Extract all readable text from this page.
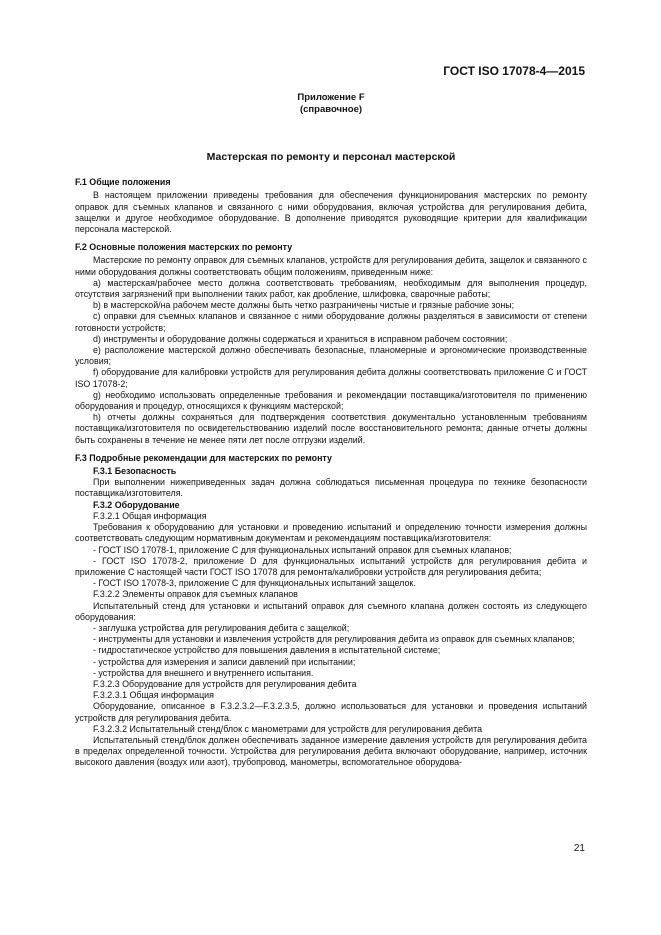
ГОСТ ISO 17078-4—2015
Приложение F
(справочное)
Мастерская по ремонту и персонал мастерской
F.1 Общие положения
В настоящем приложении приведены требования для обеспечения функционирования мастерских по ремонту оправок для съемных клапанов и связанного с ними оборудования, включая устройства для регулирования дебита, защелки и другое необходимое оборудование. В дополнение приводятся руководящие критерии для квалификации персонала мастерской.
F.2 Основные положения мастерских по ремонту
Мастерские по ремонту оправок для съемных клапанов, устройств для регулирования дебита, защелок и связанного с ними оборудования должны соответствовать общим положениям, приведенным ниже:
а) мастерская/рабочее место должна соответствовать требованиям, необходимым для выполнения процедур, отсутствия загрязнений при выполнении таких работ, как дробление, шлифовка, сварочные работы;
b) в мастерской/на рабочем месте должны быть четко разграничены чистые и грязные рабочие зоны;
c) оправки для съемных клапанов и связанное с ними оборудование должны разделяться в зависимости от степени готовности устройств;
d) инструменты и оборудование должны содержаться и храниться в исправном рабочем состоянии;
e) расположение мастерской должно обеспечивать безопасные, планомерные и эргономические производственные условия;
f) оборудование для калибровки устройств для регулирования дебита должны соответствовать приложение С и ГОСТ ISO 17078-2;
g) необходимо использовать определенные требования и рекомендации поставщика/изготовителя по применению оборудования и процедур, относящихся к функциям мастерской;
h) отчеты должны сохраняться для подтверждения соответствия документально установленным требованиям поставщика/изготовителя по освидетельствованию изделий после восстановительного ремонта; данные отчеты должны быть сохранены в течение не менее пяти лет после отгрузки изделий.
F.3 Подробные рекомендации для мастерских по ремонту
F.3.1 Безопасность
При выполнении нижеприведенных задач должна соблюдаться письменная процедура по технике безопасности поставщика/изготовителя.
F.3.2 Оборудование
F.3.2.1 Общая информация
Требования к оборудованию для установки и проведению испытаний и определению точности измерения должны соответствовать следующим нормативным документам и рекомендациям поставщика/изготовителя:
- ГОСТ ISO 17078-1, приложение С для функциональных испытаний оправок для съемных клапанов;
- ГОСТ ISO 17078-2, приложение D для функциональных испытаний устройств для регулирования дебита и приложение С настоящей части ГОСТ ISO 17078 для ремонта/калибровки устройств для регулирования дебита;
- ГОСТ ISO 17078-3, приложение С для функциональных испытаний защелок.
F.3.2.2 Элементы оправок для съемных клапанов
Испытательный стенд для установки и испытаний оправок для съемного клапана должен состоять из следующего оборудования:
- заглушка устройства для регулирования дебита с защелкой;
- инструменты для установки и извлечения устройств для регулирования дебита из оправок для съемных клапанов;
- гидростатическое устройство для повышения давления в испытательной системе;
- устройства для измерения и записи давлений при испытании;
- устройства для внешнего и внутреннего испытания.
F.3.2.3 Оборудование для устройств для регулирования дебита
F.3.2.3.1 Общая информация
Оборудование, описанное в F.3.2.3.2—F.3.2.3.5, должно использоваться для установки и проведения испытаний устройств для регулирования дебита.
F.3.2.3.2 Испытательный стенд/блок с манометрами для устройств для регулирования дебита
Испытательный стенд/блок должен обеспечивать заданное измерение давления устройств для регулирования дебита в пределах определенной точности. Устройства для регулирования дебита включают оборудование, например, источник высокого давления (воздух или азот), трубопровод, манометры, вспомогательное оборудова-
21
